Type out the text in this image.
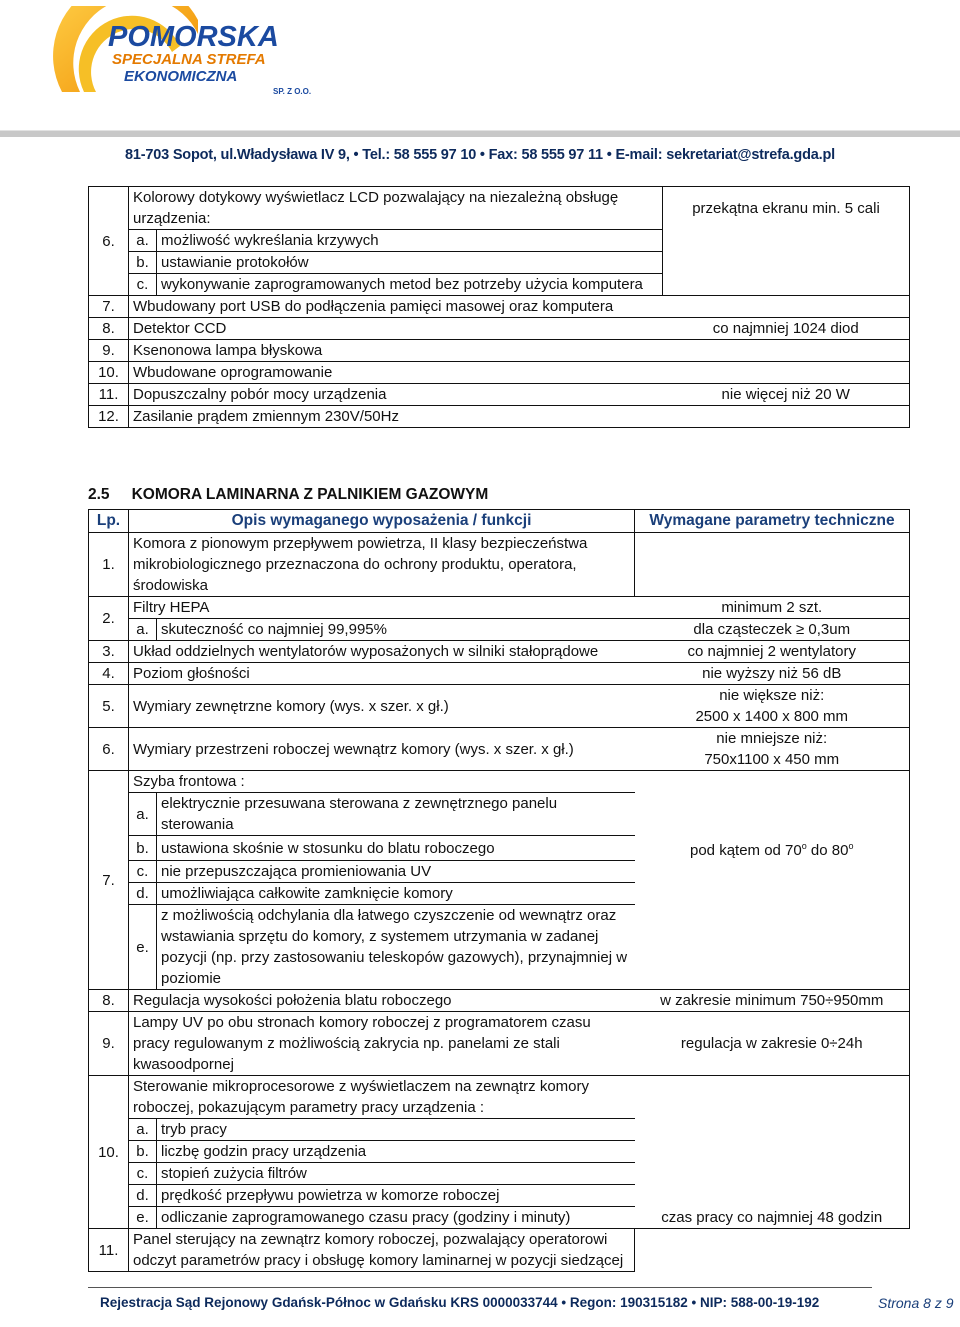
POMORSKA
SPECJALNA STREFA
EKONOMICZNA
SP. Z O.O.
81-703 Sopot, ul.Władysława IV 9, • Tel.: 58 555 97 10 • Fax: 58 555 97 11 • E-mail: sekretariat@strefa.gda.pl
6.	Kolorowy dotykowy wyświetlacz LCD pozwalający na niezależną obsługę urządzenia:		przekątna ekranu min. 5 cali

	a.	możliwość wykreślania krzywych	
	b.	ustawianie protokołów	
	c.	wykonywanie zaprogramowanych metod bez potrzeby użycia komputera	
7.	Wbudowany port USB do podłączenia pamięci masowej oraz komputera		
8.	Detektor CCD		co najmniej 1024 diod
9.	Ksenonowa lampa błyskowa		
10.	Wbudowane oprogramowanie		
11.	Dopuszczalny pobór mocy urządzenia		nie więcej niż 20 W
12.	Zasilanie prądem zmiennym 230V/50Hz		
2.5 KOMORA LAMINARNA Z PALNIKIEM GAZOWYM
Lp.	Opis wymaganego wyposażenia / funkcji		Wymagane parametry techniczne
1.	Komora z pionowym przepływem powietrza, II klasy bezpieczeństwa mikrobiologicznego przeznaczona do ochrony produktu, operatora, środowiska		
2.	Filtry HEPA		minimum 2 szt.
	a.	skuteczność co najmniej 99,995%	dla cząsteczek ≥ 0,3um
3.	Układ oddzielnych wentylatorów wyposażonych w silniki stałoprądowe		co najmniej 2 wentylatory
4.	Poziom głośności		nie wyższy niż 56 dB
5.	Wymiary zewnętrzne komory (wys. x szer. x gł.)		nie większe niż:
2500 x 1400 x 800 mm

6.	Wymiary przestrzeni roboczej wewnątrz komory (wys. x szer. x gł.)		nie mniejsze niż:
750x1100 x 450 mm

7.	Szyba frontowa :		
	a.	elektrycznie przesuwana sterowana z zewnętrznego panelu sterowania	
	b.	ustawiona skośnie w stosunku do blatu roboczego	pod kątem od 70$^o$ do 80$^o$
	c.	nie przepuszczająca promieniowania UV	
	d.	umożliwiająca całkowite zamknięcie komory	
	e.	z możliwością odchylania dla łatwego czyszczenie od wewnątrz oraz wstawiania sprzętu do komory, z systemem utrzymania w zadanej pozycji (np. przy zastosowaniu teleskopów gazowych), przynajmniej w poziomie	
8.	Regulacja wysokości położenia blatu roboczego		w zakresie minimum 750÷950mm
9.	Lampy UV po obu stronach komory roboczej z programatorem czasu pracy regulowanym z możliwością zakrycia np. panelami ze stali kwasoodpornej		regulacja w zakresie 0÷24h
10.	Sterowanie mikroprocesorowe z wyświetlaczem na zewnątrz komory roboczej, pokazującym parametry pracy urządzenia :		
	a.	tryb pracy	
	b.	liczbę godzin pracy urządzenia	
	c.	stopień zużycia filtrów	
	d.	prędkość przepływu powietrza w komorze roboczej	
	e.	odliczanie zaprogramowanego czasu pracy (godziny i minuty)	czas pracy co najmniej 48 godzin
11.	Panel sterujący na zewnątrz komory roboczej, pozwalający operatorowi odczyt parametrów pracy i obsługę komory laminarnej w pozycji siedzącej		
Rejestracja Sąd Rejonowy Gdańsk-Północ w Gdańsku KRS 0000033744 • Regon: 190315182 • NIP: 588-00-19-192	Strona 8 z 9
